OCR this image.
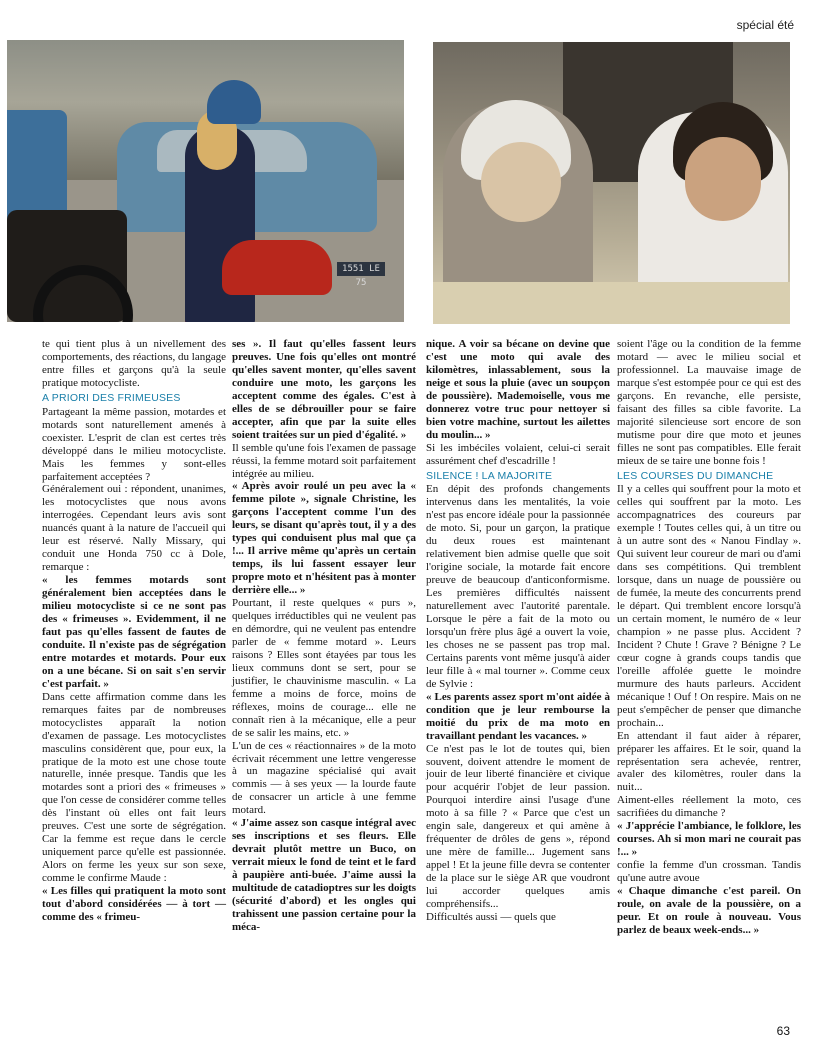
spécial été
1551 LE 75

te qui tient plus à un nivellement des comportements, des réactions, du langage entre filles et garçons qu'à la seule pratique motocycliste.

A PRIORI DES FRIMEUSES

Partageant la même passion, motardes et motards sont naturellement amenés à coexister. L'esprit de clan est certes très développé dans le milieu motocycliste. Mais les femmes y sont-elles parfaitement acceptées ?

Généralement oui : répondent, unanimes, les motocyclistes que nous avons interrogées. Cependant leurs avis sont nuancés quant à la nature de l'accueil qui leur est réservé. Nally Missary, qui conduit une Honda 750 cc à Dole, remarque :

« les femmes motards sont généralement bien acceptées dans le milieu motocycliste si ce ne sont pas des « frimeuses ». Evidemment, il ne faut pas qu'elles fassent de fautes de conduite. Il n'existe pas de ségrégation entre motardes et motards. Pour eux on a une bécane. Si on sait s'en servir c'est parfait. »

Dans cette affirmation comme dans les remarques faites par de nombreuses motocyclistes apparaît la notion d'examen de passage. Les motocyclistes masculins considèrent que, pour eux, la pratique de la moto est une chose toute naturelle, innée presque. Tandis que les motardes sont a priori des « frimeuses » que l'on cesse de considérer comme telles dès l'instant où elles ont fait leurs preuves. C'est une sorte de ségrégation. Car la femme est reçue dans le cercle uniquement parce qu'elle est passionnée. Alors on ferme les yeux sur son sexe, comme le confirme Maude :

« Les filles qui pratiquent la moto sont tout d'abord considérées — à tort — comme des « frimeu-

ses ». Il faut qu'elles fassent leurs preuves. Une fois qu'elles ont montré qu'elles savent monter, qu'elles savent conduire une moto, les garçons les acceptent comme des égales. C'est à elles de se débrouiller pour se faire accepter, afin que par la suite elles soient traitées sur un pied d'égalité. »

Il semble qu'une fois l'examen de passage réussi, la femme motard soit parfaitement intégrée au milieu.

« Après avoir roulé un peu avec la « femme pilote », signale Christine, les garçons l'acceptent comme l'un des leurs, se disant qu'après tout, il y a des types qui conduisent plus mal que ça !... Il arrive même qu'après un certain temps, ils lui fassent essayer leur propre moto et n'hésitent pas à monter derrière elle... »

Pourtant, il reste quelques « purs », quelques irréductibles qui ne veulent pas en démordre, qui ne veulent pas entendre parler de « femme motard ». Leurs raisons ? Elles sont étayées par tous les lieux communs dont se sert, pour se justifier, le chauvinisme masculin. « La femme a moins de force, moins de réflexes, moins de courage... elle ne connaît rien à la mécanique, elle a peur de se salir les mains, etc. »

L'un de ces « réactionnaires » de la moto écrivait récemment une lettre vengeresse à un magazine spécialisé qui avait commis — à ses yeux — la lourde faute de consacrer un article à une femme motard.

« J'aime assez son casque intégral avec ses inscriptions et ses fleurs. Elle devrait plutôt mettre un Buco, on verrait mieux le fond de teint et le fard à paupière anti-buée. J'aime aussi la multitude de catadioptres sur les doigts (sécurité d'abord) et les ongles qui trahissent une passion certaine pour la méca-

nique. A voir sa bécane on devine que c'est une moto qui avale des kilomètres, inlassablement, sous la neige et sous la pluie (avec un soupçon de poussière). Mademoiselle, vous me donnerez votre truc pour nettoyer si bien votre machine, surtout les ailettes du moulin... »

Si les imbéciles volaient, celui-ci serait assurément chef d'escadrille !

SILENCE ! LA MAJORITE

En dépit des profonds changements intervenus dans les mentalités, la voie n'est pas encore idéale pour la passionnée de moto. Si, pour un garçon, la pratique du deux roues est maintenant relativement bien admise quelle que soit l'origine sociale, la motarde fait encore preuve de beaucoup d'anticonformisme. Les premières difficultés naissent naturellement avec l'autorité parentale. Lorsque le père a fait de la moto ou lorsqu'un frère plus âgé a ouvert la voie, les choses ne se passent pas trop mal. Certains parents vont même jusqu'à aider leur fille à « mal tourner ». Comme ceux de Sylvie :

« Les parents assez sport m'ont aidée à condition que je leur rembourse la moitié du prix de ma moto en travaillant pendant les vacances. »

Ce n'est pas le lot de toutes qui, bien souvent, doivent attendre le moment de jouir de leur liberté financière et civique pour acquérir l'objet de leur passion. Pourquoi interdire ainsi l'usage d'une moto à sa fille ? « Parce que c'est un engin sale, dangereux et qui amène à fréquenter de drôles de gens », répond une mère de famille... Jugement sans appel ! Et la jeune fille devra se contenter de la place sur le siège AR que voudront lui accorder quelques amis compréhensifs...

Difficultés aussi — quels que

soient l'âge ou la condition de la femme motard — avec le milieu social et professionnel. La mauvaise image de marque s'est estompée pour ce qui est des garçons. En revanche, elle persiste, faisant des filles sa cible favorite. La majorité silencieuse sort encore de son mutisme pour dire que moto et jeunes filles ne sont pas compatibles. Elle ferait mieux de se taire une bonne fois !

LES COURSES DU DIMANCHE

Il y a celles qui souffrent pour la moto et celles qui souffrent par la moto. Les accompagnatrices des coureurs par exemple ! Toutes celles qui, à un titre ou à un autre sont des « Nanou Findlay ». Qui suivent leur coureur de mari ou d'ami dans ses compétitions. Qui tremblent lorsque, dans un nuage de poussière ou de fumée, la meute des concurrents prend le départ. Qui tremblent encore lorsqu'à un certain moment, le numéro de « leur champion » ne passe plus. Accident ? Incident ? Chute ! Grave ? Bénigne ? Le cœur cogne à grands coups tandis que l'oreille affolée guette le moindre murmure des hauts parleurs. Accident mécanique ! Ouf ! On respire. Mais on ne peut s'empêcher de penser que dimanche prochain...

En attendant il faut aider à réparer, préparer les affaires. Et le soir, quand la représentation sera achevée, rentrer, avaler des kilomètres, rouler dans la nuit...

Aiment-elles réellement la moto, ces sacrifiées du dimanche ?

« J'apprécie l'ambiance, le folklore, les courses. Ah si mon mari ne courait pas !... »

confie la femme d'un crossman. Tandis qu'une autre avoue

« Chaque dimanche c'est pareil. On roule, on avale de la poussière, on a peur. Et on roule à nouveau. Vous parlez de beaux week-ends... »

63
